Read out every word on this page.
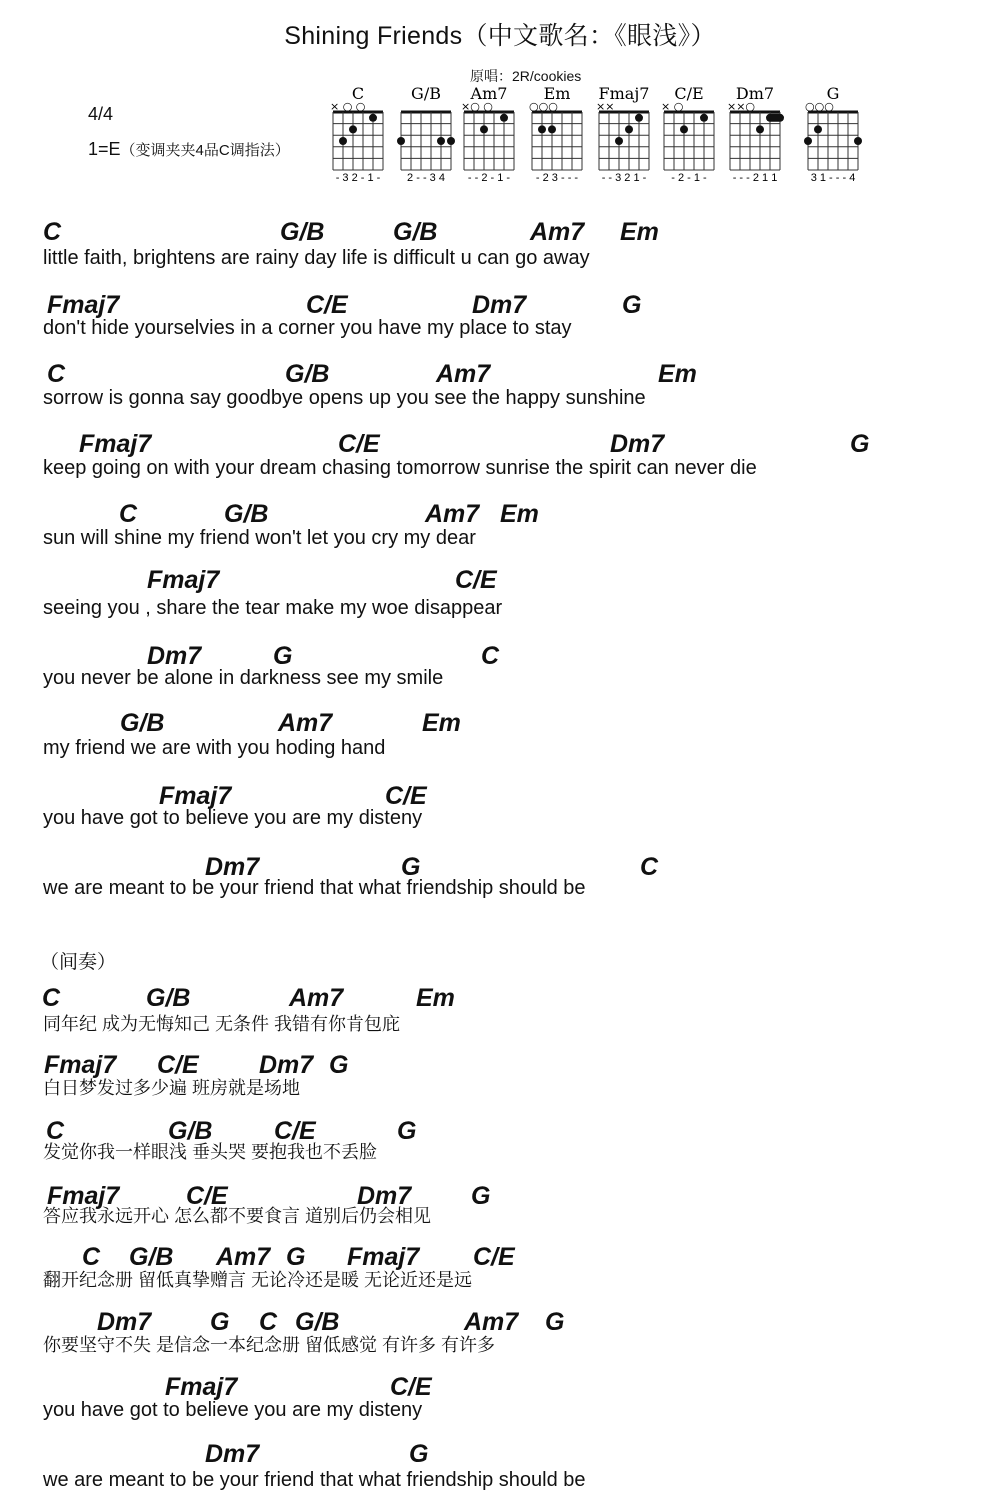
Shining Friends（中文歌名：《眼浅》）
原唱：2R/cookies
4/4
1=E（变调夹夹4品C调指法）
C
× ○ ○
- 3 2 - 1 -
G/B
2 - - 3 4
Am7
×○ ○
- - 2 - 1 -
Em
○○○
- 2 3 - - -
Fmaj7
××
- - 3 2 1 -
C/E
× ○
- 2 - 1 -
Dm7
××○
- - - 2 1 1
G
○○○
3 1 - - - 4
C	G/B	G/B	Am7 Em
little faith, brightens are rainy day life is difficult u can go away
Fmaj7	C/E	Dm7	G
don't hide yourselvies in a corner you have my place to stay
C	G/B	Am7	Em
sorrow is gonna say goodbye opens up you see the happy sunshine
Fmaj7	C/E	Dm7	G
keep going on with your dream chasing tomorrow sunrise the spirit can never die
C	G/B	Am7 Em
sun will shine my friend won't let you cry my dear
Fmaj7	C/E
seeing you , share the tear make my woe disappear
Dm7	G	C
you never be alone in darkness see my smile
G/B	Am7	Em
my friend we are with you hoding hand
Fmaj7	C/E
you have got to believe you are my disteny
Dm7	G	C
we are meant to be your friend that what friendship should be
（间奏）
C	G/B	Am7	Em
同年纪 成为无悔知己 无条件 我错有你肯包庇
Fmaj7 C/E Dm7 G
白日梦发过多少遍 班房就是场地
C	G/B C/E	G
发觉你我一样眼浅 垂头哭 要抱我也不丢脸
Fmaj7	C/E	Dm7 G
答应我永远开心 怎么都不要食言 道别后仍会相见
C G/B Am7 G Fmaj7 C/E
翻开纪念册 留低真挚赠言 无论冷还是暖 无论近还是远
Dm7 G C G/B	Am7 G
你要坚守不失 是信念一本纪念册 留低感觉 有许多 有许多
Fmaj7	C/E
you have got to believe you are my disteny
Dm7	G
we are meant to be your friend that what friendship should be
